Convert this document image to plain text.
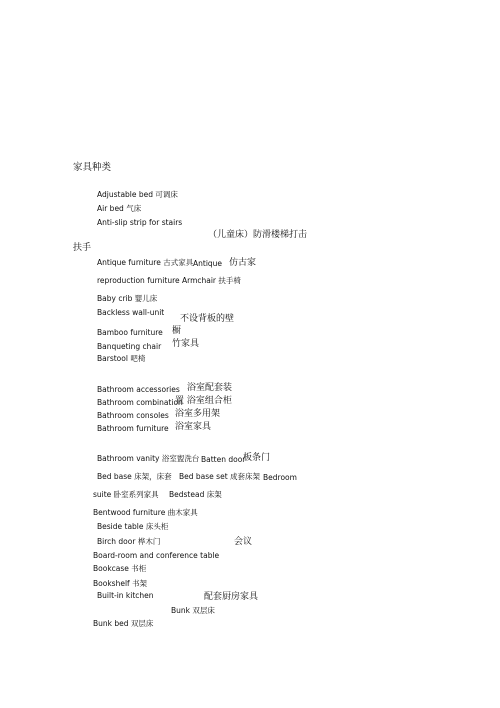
家具种类
Adjustable bed 可调床
Air bed 气床
Anti-slip strip for stairs
（儿童床）防滑楼梯打击
扶手
Antique furniture 古式家具 Antique 仿古家
reproduction furniture Armchair 扶手椅
Baby crib 婴儿床
Backless wall-unit
不设背板的壁
Bamboo furniture 橱
Banqueting chair 竹家具
Barstool 吧椅
Bathroom accessories 浴室配套装
Bathroom combination
置 浴室组合柜
Bathroom consoles 浴室多用架
Bathroom furniture 浴室家具
Bathroom vanity 浴室盥洗台 Batten door
板条门
Bed base 床架，床套 Bed base set 成套床架 Bedroom
suite 卧室系列家具 Bedstead 床架
Bentwood furniture 曲木家具
Beside table 床头柜
Birch door 桦木门	会议
Board-room and conference table
Bookcase 书柜
Bookshelf 书架
Built-in kitchen	配套厨房家具
Bunk 双层床
Bunk bed 双层床
